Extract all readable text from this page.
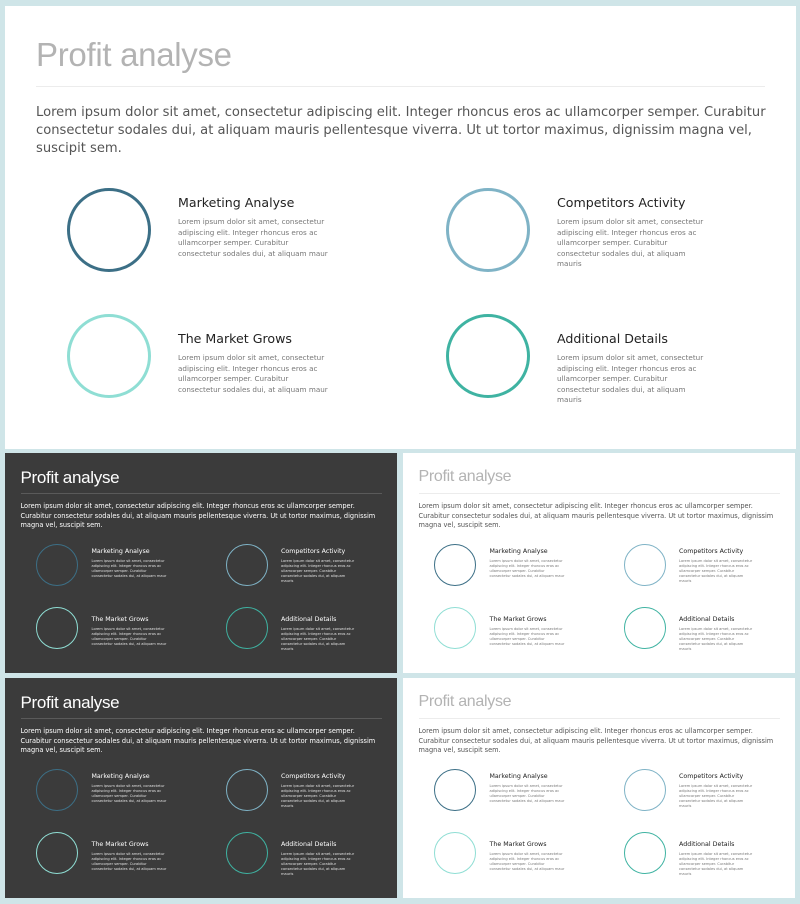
Profit analyse

Lorem ipsum dolor sit amet, consectetur adipiscing elit. Integer rhoncus eros ac ullamcorper semper. Curabitur consectetur sodales dui, at aliquam mauris pellentesque viverra. Ut ut tortor maximus, dignissim magna vel, suscipit sem.

Marketing Analyse

Lorem ipsum dolor sit amet, consectetur adipiscing elit. Integer rhoncus eros ac ullamcorper semper. Curabitur consectetur sodales dui, at aliquam maur

Competitors Activity

Lorem ipsum dolor sit amet, consectetur adipiscing elit. Integer rhoncus eros ac ullamcorper semper. Curabitur consectetur sodales dui, at aliquam mauris

The Market Grows

Lorem ipsum dolor sit amet, consectetur adipiscing elit. Integer rhoncus eros ac ullamcorper semper. Curabitur consectetur sodales dui, at aliquam maur

Additional Details

Lorem ipsum dolor sit amet, consectetur adipiscing elit. Integer rhoncus eros ac ullamcorper semper. Curabitur consectetur sodales dui, at aliquam mauris

Profit analyse

Lorem ipsum dolor sit amet, consectetur adipiscing elit. Integer rhoncus eros ac ullamcorper semper. Curabitur consectetur sodales dui, at aliquam mauris pellentesque viverra. Ut ut tortor maximus, dignissim magna vel, suscipit sem.

Marketing Analyse

Lorem ipsum dolor sit amet, consectetur adipiscing elit. Integer rhoncus eros ac ullamcorper semper. Curabitur consectetur sodales dui, at aliquam maur

Competitors Activity

Lorem ipsum dolor sit amet, consectetur adipiscing elit. Integer rhoncus eros ac ullamcorper semper. Curabitur consectetur sodales dui, at aliquam mauris

The Market Grows

Lorem ipsum dolor sit amet, consectetur adipiscing elit. Integer rhoncus eros ac ullamcorper semper. Curabitur consectetur sodales dui, at aliquam maur

Additional Details

Lorem ipsum dolor sit amet, consectetur adipiscing elit. Integer rhoncus eros ac ullamcorper semper. Curabitur consectetur sodales dui, at aliquam mauris

Profit analyse

Lorem ipsum dolor sit amet, consectetur adipiscing elit. Integer rhoncus eros ac ullamcorper semper. Curabitur consectetur sodales dui, at aliquam mauris pellentesque viverra. Ut ut tortor maximus, dignissim magna vel, suscipit sem.

Marketing Analyse

Lorem ipsum dolor sit amet, consectetur adipiscing elit. Integer rhoncus eros ac ullamcorper semper. Curabitur consectetur sodales dui, at aliquam maur

Competitors Activity

Lorem ipsum dolor sit amet, consectetur adipiscing elit. Integer rhoncus eros ac ullamcorper semper. Curabitur consectetur sodales dui, at aliquam mauris

The Market Grows

Lorem ipsum dolor sit amet, consectetur adipiscing elit. Integer rhoncus eros ac ullamcorper semper. Curabitur consectetur sodales dui, at aliquam maur

Additional Details

Lorem ipsum dolor sit amet, consectetur adipiscing elit. Integer rhoncus eros ac ullamcorper semper. Curabitur consectetur sodales dui, at aliquam mauris

Profit analyse

Lorem ipsum dolor sit amet, consectetur adipiscing elit. Integer rhoncus eros ac ullamcorper semper. Curabitur consectetur sodales dui, at aliquam mauris pellentesque viverra. Ut ut tortor maximus, dignissim magna vel, suscipit sem.

Marketing Analyse

Lorem ipsum dolor sit amet, consectetur adipiscing elit. Integer rhoncus eros ac ullamcorper semper. Curabitur consectetur sodales dui, at aliquam maur

Competitors Activity

Lorem ipsum dolor sit amet, consectetur adipiscing elit. Integer rhoncus eros ac ullamcorper semper. Curabitur consectetur sodales dui, at aliquam mauris

The Market Grows

Lorem ipsum dolor sit amet, consectetur adipiscing elit. Integer rhoncus eros ac ullamcorper semper. Curabitur consectetur sodales dui, at aliquam maur

Additional Details

Lorem ipsum dolor sit amet, consectetur adipiscing elit. Integer rhoncus eros ac ullamcorper semper. Curabitur consectetur sodales dui, at aliquam mauris

Profit analyse

Lorem ipsum dolor sit amet, consectetur adipiscing elit. Integer rhoncus eros ac ullamcorper semper. Curabitur consectetur sodales dui, at aliquam mauris pellentesque viverra. Ut ut tortor maximus, dignissim magna vel, suscipit sem.

Marketing Analyse

Lorem ipsum dolor sit amet, consectetur adipiscing elit. Integer rhoncus eros ac ullamcorper semper. Curabitur consectetur sodales dui, at aliquam maur

Competitors Activity

Lorem ipsum dolor sit amet, consectetur adipiscing elit. Integer rhoncus eros ac ullamcorper semper. Curabitur consectetur sodales dui, at aliquam mauris

The Market Grows

Lorem ipsum dolor sit amet, consectetur adipiscing elit. Integer rhoncus eros ac ullamcorper semper. Curabitur consectetur sodales dui, at aliquam maur

Additional Details

Lorem ipsum dolor sit amet, consectetur adipiscing elit. Integer rhoncus eros ac ullamcorper semper. Curabitur consectetur sodales dui, at aliquam mauris
